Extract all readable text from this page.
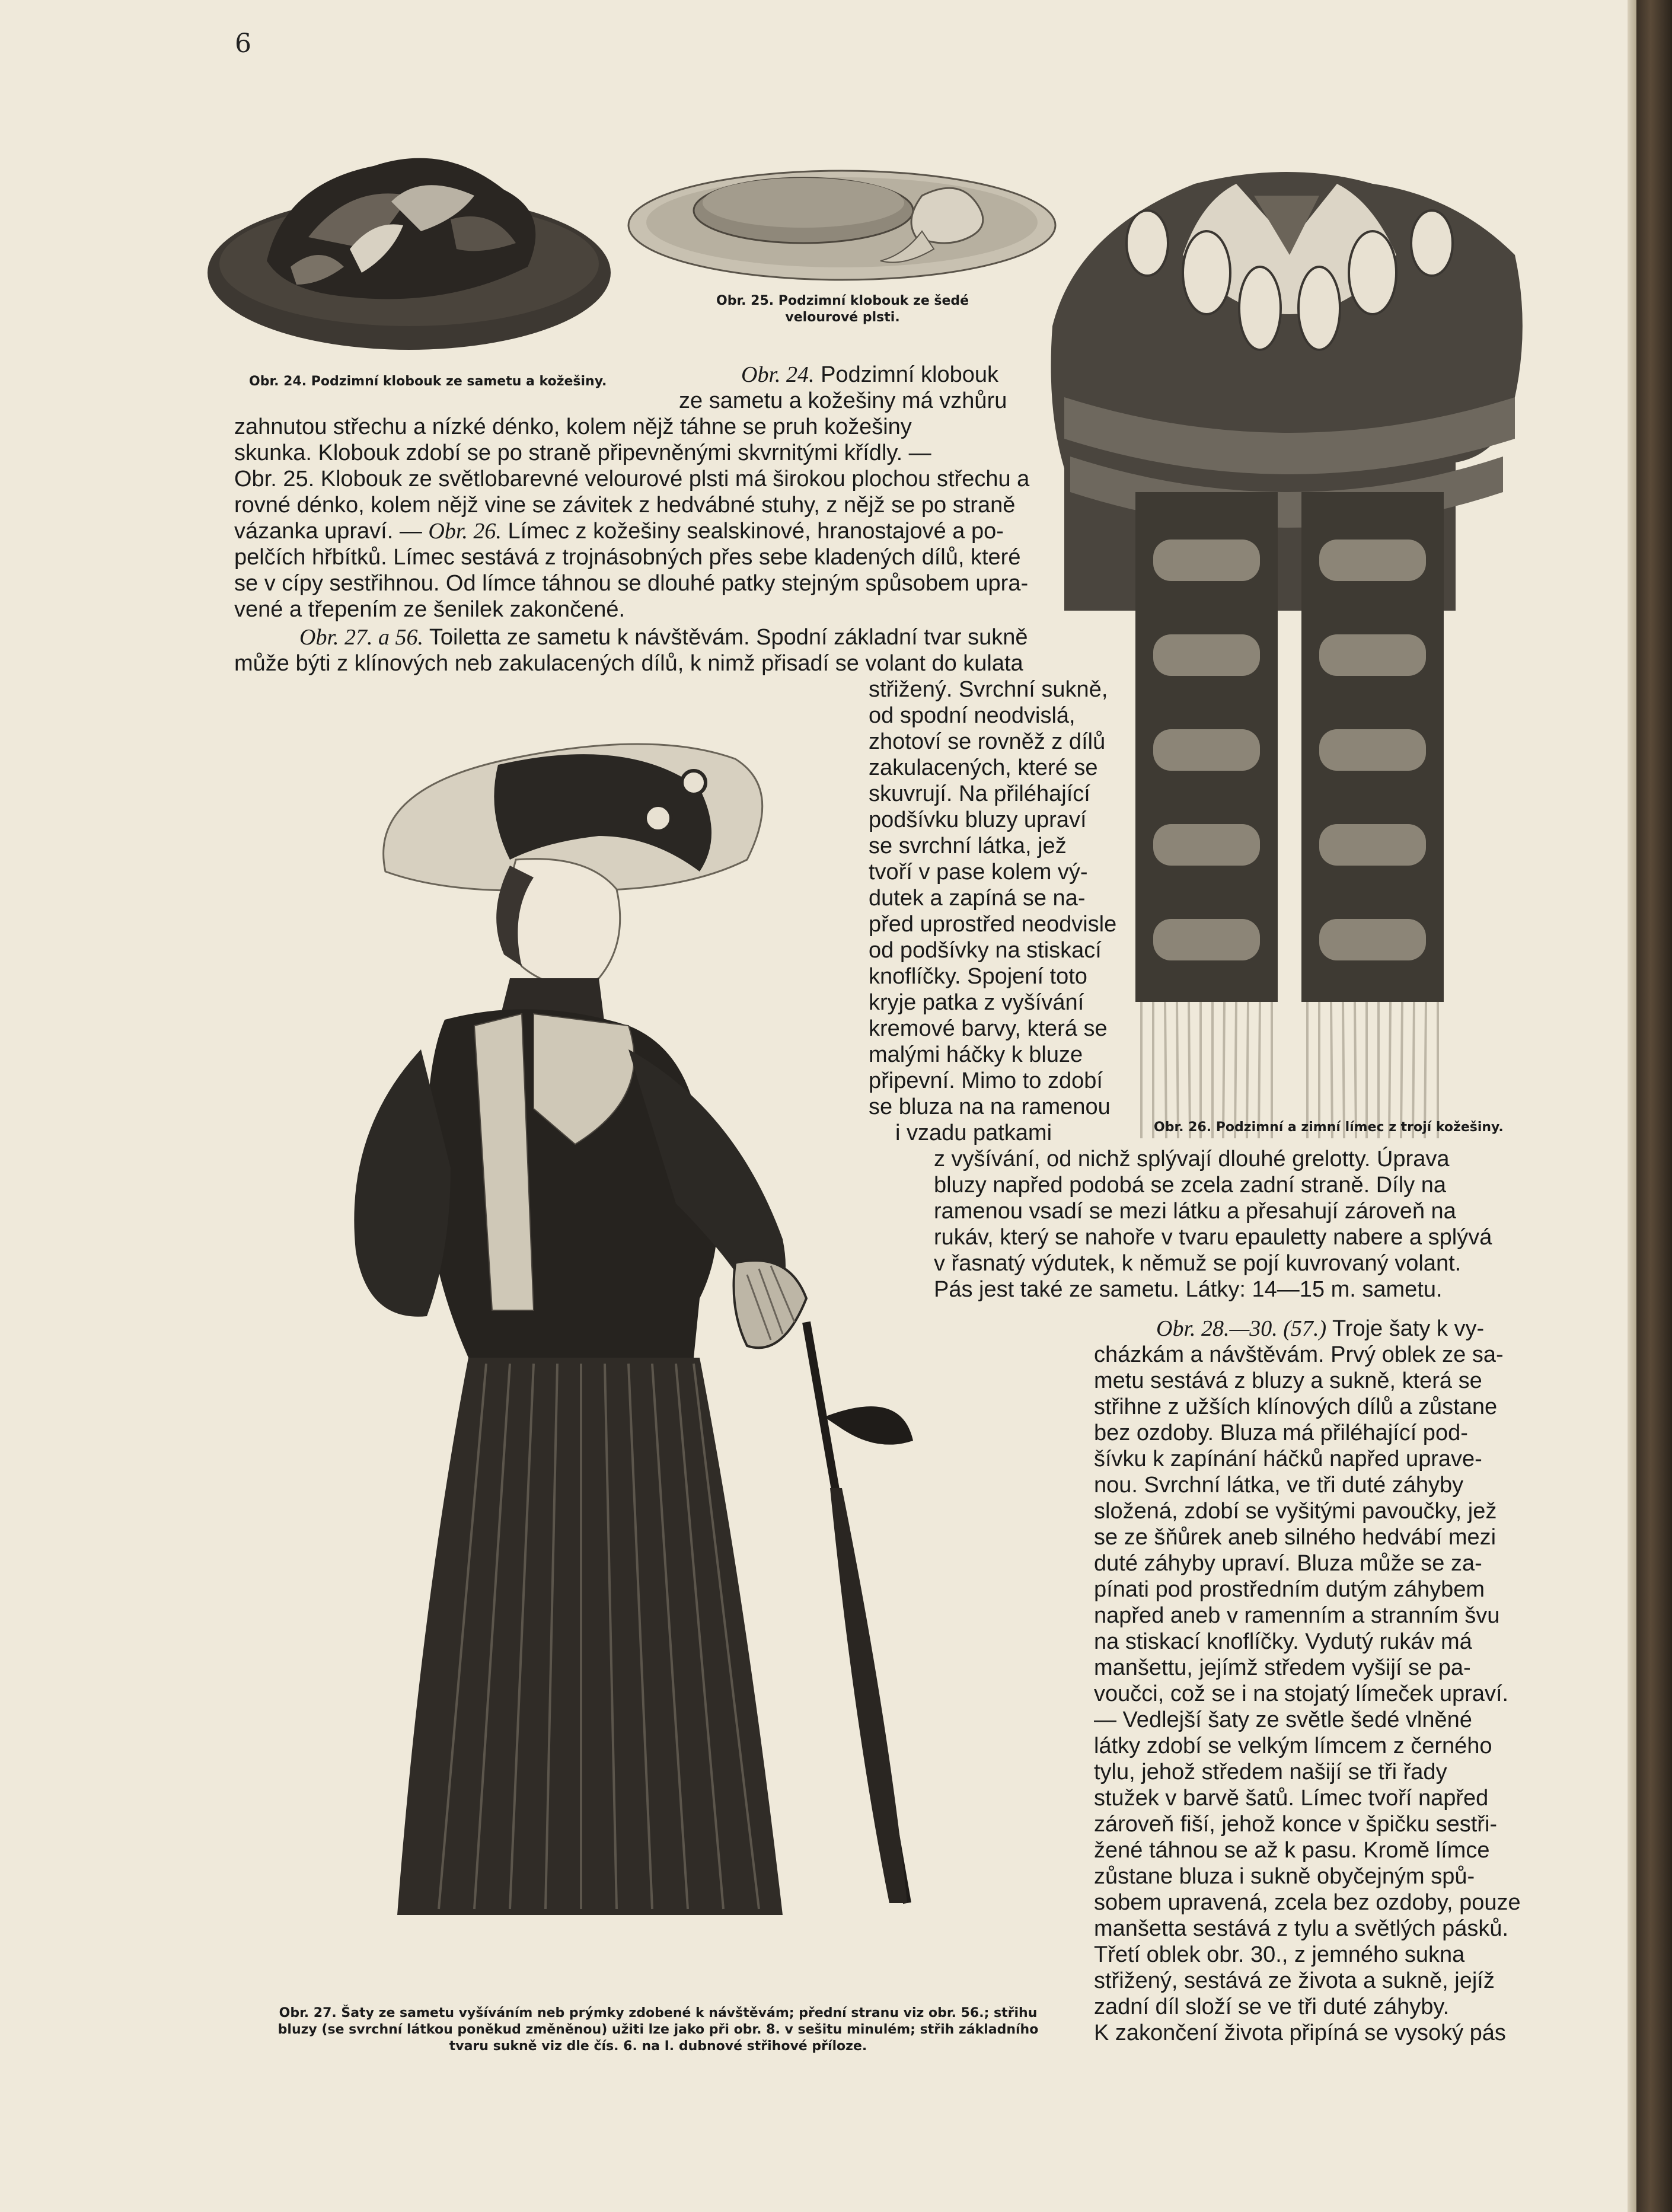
6
Obr. 24. Podzimní klobouk ze sametu a kožešiny.
Obr. 25. Podzimní klobouk ze šedé
velourové plsti.
Obr. 26. Podzimní a zimní límec z trojí kožešiny.
Obr. 27. Šaty ze sametu vyšíváním neb prýmky zdobené k návštěvám; přední stranu viz obr. 56.; střihu
bluzy (se svrchní látkou poněkud změněnou) užiti lze jako při obr. 8. v sešitu minulém; střih základního
tvaru sukně viz dle čís. 6. na I. dubnové střihové příloze.
Obr. 24. Podzimní klobouk
ze sametu a kožešiny má vzhůru
zahnutou střechu a nízké dénko, kolem nějž táhne se pruh kožešiny
skunka. Klobouk zdobí se po straně připevněnými skvrnitými křídly. —
Obr. 25. Klobouk ze světlobarevné velourové plsti má širokou plochou střechu a
rovné dénko, kolem nějž vine se závitek z hedvábné stuhy, z nějž se po straně
vázanka upraví. — Obr. 26. Límec z kožešiny sealskinové, hranostajové a po-
pelčích hřbítků. Límec sestává z trojnásobných přes sebe kladených dílů, které
se v cípy sestřihnou. Od límce táhnou se dlouhé patky stejným spůsobem upra-
vené a třepením ze šenilek zakončené.
Obr. 27. a 56. Toiletta ze sametu k návštěvám. Spodní základní tvar sukně
může býti z klínových neb zakulacených dílů, k nimž přisadí se volant do kulata
střižený. Svrchní sukně,
od spodní neodvislá,
zhotoví se rovněž z dílů
zakulacených, které se
skuvrují. Na přiléhající
podšívku bluzy upraví
se svrchní látka, jež
tvoří v pase kolem vý-
dutek a zapíná se na-
před uprostřed neodvisle
od podšívky na stiskací
knoflíčky. Spojení toto
kryje patka z vyšívání
kremové barvy, která se
malými háčky k bluze
připevní. Mimo to zdobí
se bluza na na ramenou
i vzadu patkami
z vyšívání, od nichž splývají dlouhé grelotty. Úprava
bluzy napřed podobá se zcela zadní straně. Díly na
ramenou vsadí se mezi látku a přesahují zároveň na
rukáv, který se nahoře v tvaru epauletty nabere a splývá
v řasnatý výdutek, k němuž se pojí kuvrovaný volant.
Pás jest také ze sametu. Látky: 14—15 m. sametu.
Obr. 28.—30. (57.) Troje šaty k vy-
cházkám a návštěvám. Prvý oblek ze sa-
metu sestává z bluzy a sukně, která se
střihne z užších klínových dílů a zůstane
bez ozdoby. Bluza má přiléhající pod-
šívku k zapínání háčků napřed uprave-
nou. Svrchní látka, ve tři duté záhyby
složená, zdobí se vyšitými pavoučky, jež
se ze šňůrek aneb silného hedvábí mezi
duté záhyby upraví. Bluza může se za-
pínati pod prostředním dutým záhybem
napřed aneb v ramenním a stranním švu
na stiskací knoflíčky. Vydutý rukáv má
manšettu, jejímž středem vyšijí se pa-
voučci, což se i na stojatý límeček upraví.
— Vedlejší šaty ze světle šedé vlněné
látky zdobí se velkým límcem z černého
tylu, jehož středem našijí se tři řady
stužek v barvě šatů. Límec tvoří napřed
zároveň fiší, jehož konce v špičku sestři-
žené táhnou se až k pasu. Kromě límce
zůstane bluza i sukně obyčejným spů-
sobem upravená, zcela bez ozdoby, pouze
manšetta sestává z tylu a světlých pásků.
Třetí oblek obr. 30., z jemného sukna
střižený, sestává ze života a sukně, jejíž
zadní díl složí se ve tři duté záhyby.
K zakončení života připíná se vysoký pás
